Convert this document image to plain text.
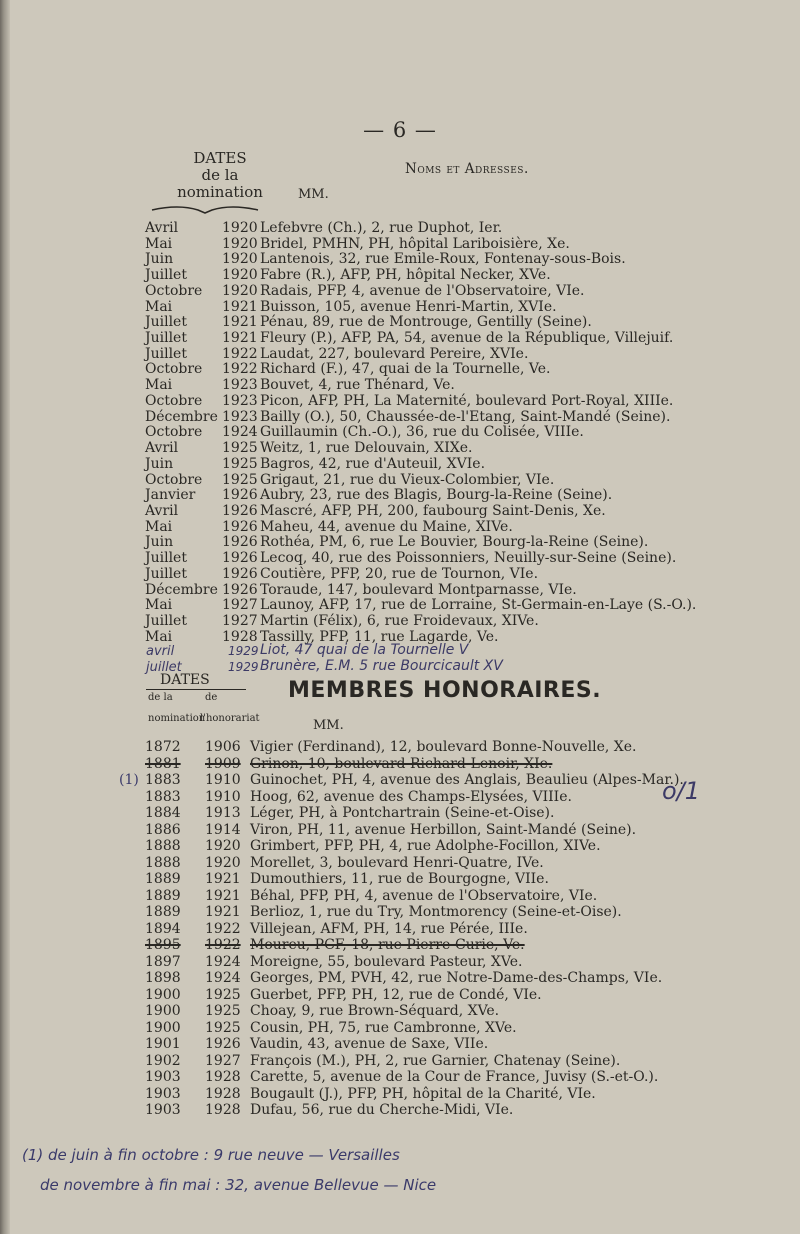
— 6 —
DATES
de la
nomination
Noms et Adresses.
MM.
Avril	1920 Lefebvre (Ch.), 2, rue Duphot, Ier.
Mai	1920 Bridel, PMHN, PH, hôpital Lariboisière, Xe.
Juin	1920 Lantenois, 32, rue Emile-Roux, Fontenay-sous-Bois.
Juillet	1920 Fabre (R.), AFP, PH, hôpital Necker, XVe.
Octobre 1920 Radais, PFP, 4, avenue de l'Observatoire, VIe.
Mai	1921 Buisson, 105, avenue Henri-Martin, XVIe.
Juillet	1921 Pénau, 89, rue de Montrouge, Gentilly (Seine).
Juillet	1921 Fleury (P.), AFP, PA, 54, avenue de la République, Villejuif.
Juillet	1922 Laudat, 227, boulevard Pereire, XVIe.
Octobre 1922 Richard (F.), 47, quai de la Tournelle, Ve.
Mai	1923 Bouvet, 4, rue Thénard, Ve.
Octobre 1923 Picon, AFP, PH, La Maternité, boulevard Port-Royal, XIIIe.
Décembre 1923 Bailly (O.), 50, Chaussée-de-l'Etang, Saint-Mandé (Seine).
Octobre 1924 Guillaumin (Ch.-O.), 36, rue du Colisée, VIIIe.
Avril	1925 Weitz, 1, rue Delouvain, XIXe.
Juin	1925 Bagros, 42, rue d'Auteuil, XVIe.
Octobre 1925 Grigaut, 21, rue du Vieux-Colombier, VIe.
Janvier 1926 Aubry, 23, rue des Blagis, Bourg-la-Reine (Seine).
Avril	1926 Mascré, AFP, PH, 200, faubourg Saint-Denis, Xe.
Mai	1926 Maheu, 44, avenue du Maine, XIVe.
Juin	1926 Rothéa, PM, 6, rue Le Bouvier, Bourg-la-Reine (Seine).
Juillet	1926 Lecoq, 40, rue des Poissonniers, Neuilly-sur-Seine (Seine).
Juillet	1926 Coutière, PFP, 20, rue de Tournon, VIe.
Décembre 1926 Toraude, 147, boulevard Montparnasse, VIe.
Mai	1927 Launoy, AFP, 17, rue de Lorraine, St-Germain-en-Laye (S.-O.).
Juillet	1927 Martin (Félix), 6, rue Froidevaux, XIVe.
Mai	1928 Tassilly, PFP, 11, rue Lagarde, Ve.
avril	1929 Liot, 47 quai de la Tournelle V
juillet	1929 Brunère, E.M. 5 rue Bourcicault XV
DATES
de la	de
nomination
l'honorariat
MEMBRES HONORAIRES.
MM.
1872 1906 Vigier (Ferdinand), 12, boulevard Bonne-Nouvelle, Xe.
1881 1909 Grinon, 10, boulevard Richard-Lenoir, XIe.
(1) 1883 1910 Guinochet, PH, 4, avenue des Anglais, Beaulieu (Alpes-Mar.).
1883 1910 Hoog, 62, avenue des Champs-Elysées, VIIIe.
1884 1913 Léger, PH, à Pontchartrain (Seine-et-Oise).
1886 1914 Viron, PH, 11, avenue Herbillon, Saint-Mandé (Seine).
1888 1920 Grimbert, PFP, PH, 4, rue Adolphe-Focillon, XIVe.
1888 1920 Morellet, 3, boulevard Henri-Quatre, IVe.
1889 1921 Dumouthiers, 11, rue de Bourgogne, VIIe.
1889 1921 Béhal, PFP, PH, 4, avenue de l'Observatoire, VIe.
1889 1921 Berlioz, 1, rue du Try, Montmorency (Seine-et-Oise).
1894 1922 Villejean, AFM, PH, 14, rue Pérée, IIIe.
1895 1922 Moureu, PCF, 18, rue Pierre-Curie, Ve.
1897 1924 Moreigne, 55, boulevard Pasteur, XVe.
1898 1924 Georges, PM, PVH, 42, rue Notre-Dame-des-Champs, VIe.
1900 1925 Guerbet, PFP, PH, 12, rue de Condé, VIe.
1900 1925 Choay, 9, rue Brown-Séquard, XVe.
1900 1925 Cousin, PH, 75, rue Cambronne, XVe.
1901 1926 Vaudin, 43, avenue de Saxe, VIIe.
1902 1927 François (M.), PH, 2, rue Garnier, Chatenay (Seine).
1903 1928 Carette, 5, avenue de la Cour de France, Juvisy (S.-et-O.).
1903 1928 Bougault (J.), PFP, PH, hôpital de la Charité, VIe.
1903 1928 Dufau, 56, rue du Cherche-Midi, VIe.
o/1
(1) de juin à fin octobre : 9 rue neuve — Versailles
de novembre à fin mai : 32, avenue Bellevue — Nice
